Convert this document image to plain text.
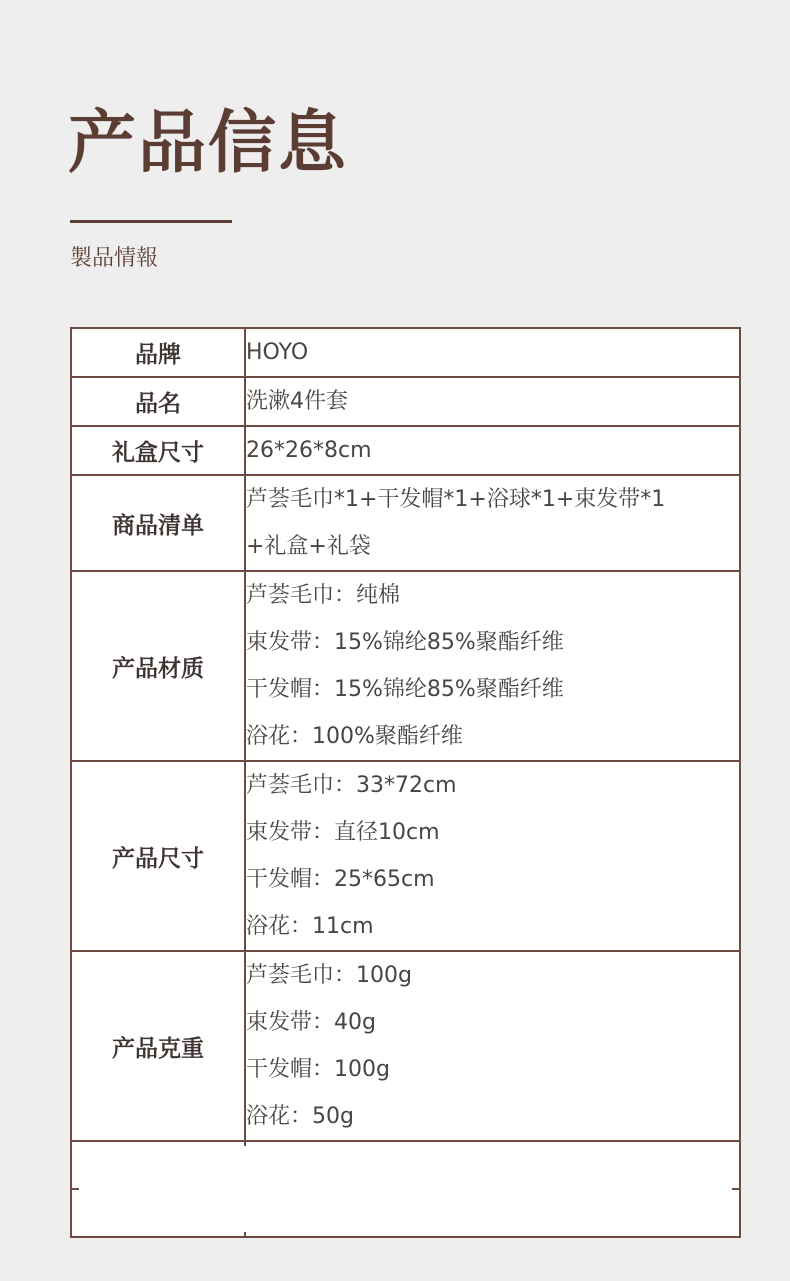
产品信息
製品情報
品牌	HOYO

品名	洗漱4件套

礼盒尺寸	26*26*8cm

商品清单	芦荟毛巾*1+干发帽*1+浴球*1+束发带*1
+礼盒+礼袋

产品材质	芦荟毛巾：纯棉
束发带：15%锦纶85%聚酯纤维
干发帽：15%锦纶85%聚酯纤维
浴花：100%聚酯纤维

产品尺寸	芦荟毛巾：33*72cm
束发带：直径10cm
干发帽：25*65cm
浴花：11cm

产品克重	芦荟毛巾：100g
束发带：40g
干发帽：100g
浴花：50g
